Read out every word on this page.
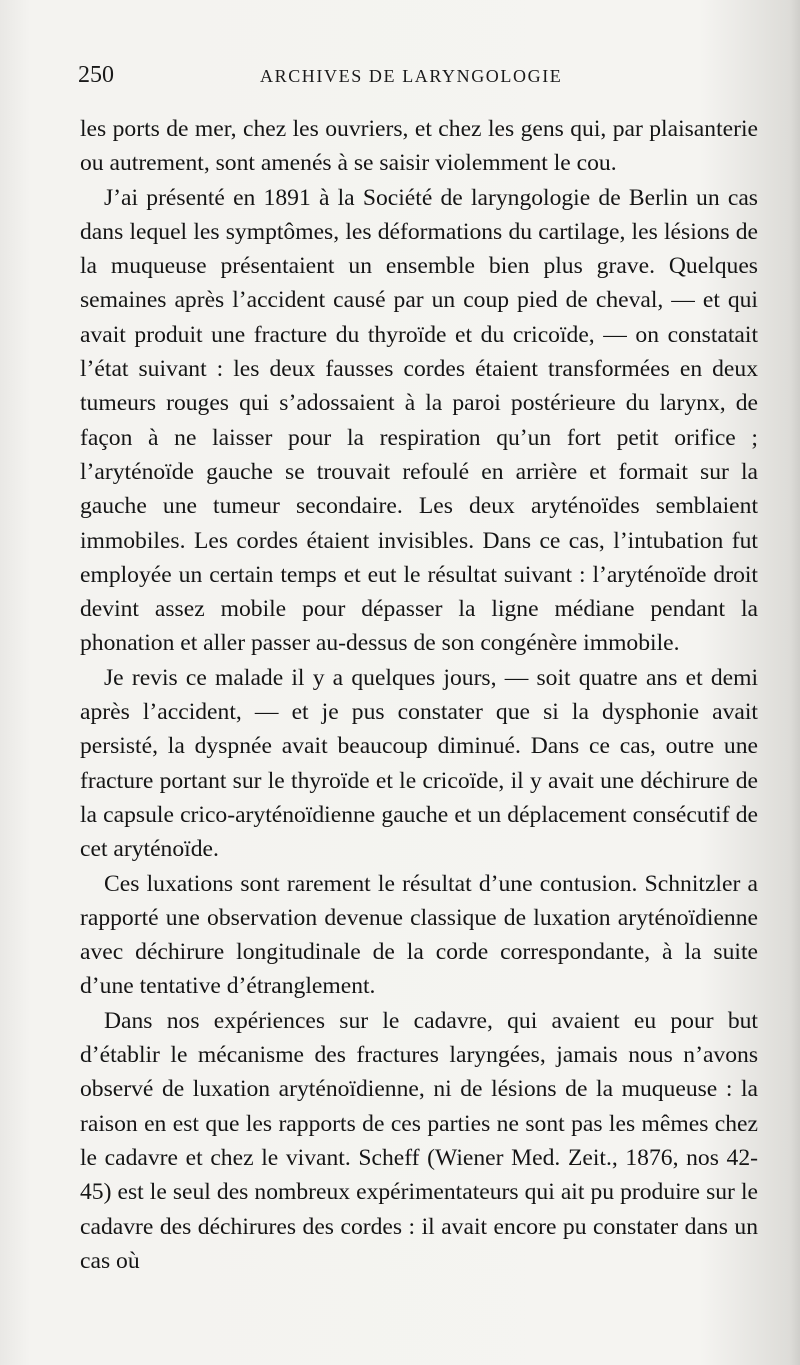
250	ARCHIVES DE LARYNGOLOGIE

les ports de mer, chez les ouvriers, et chez les gens qui, par plaisanterie ou autrement, sont amenés à se saisir violemment le cou.

J’ai présenté en 1891 à la Société de laryngologie de Berlin un cas dans lequel les symptômes, les déformations du cartilage, les lésions de la muqueuse présentaient un ensemble bien plus grave. Quelques semaines après l’accident causé par un coup pied de cheval, — et qui avait produit une fracture du thyroïde et du cricoïde, — on constatait l’état suivant : les deux fausses cordes étaient transformées en deux tumeurs rouges qui s’adossaient à la paroi postérieure du larynx, de façon à ne laisser pour la respiration qu’un fort petit orifice ; l’aryténoïde gauche se trouvait refoulé en arrière et formait sur la gauche une tumeur secondaire. Les deux aryténoïdes semblaient immobiles. Les cordes étaient invisibles. Dans ce cas, l’intubation fut employée un certain temps et eut le résultat suivant : l’aryténoïde droit devint assez mobile pour dépasser la ligne médiane pendant la phonation et aller passer au-dessus de son congénère immobile.

Je revis ce malade il y a quelques jours, — soit quatre ans et demi après l’accident, — et je pus constater que si la dysphonie avait persisté, la dyspnée avait beaucoup diminué. Dans ce cas, outre une fracture portant sur le thyroïde et le cricoïde, il y avait une déchirure de la capsule crico-aryténoïdienne gauche et un déplacement consécutif de cet aryténoïde.

Ces luxations sont rarement le résultat d’une contusion. Schnitzler a rapporté une observation devenue classique de luxation aryténoïdienne avec déchirure longitudinale de la corde correspondante, à la suite d’une tentative d’étranglement.

Dans nos expériences sur le cadavre, qui avaient eu pour but d’établir le mécanisme des fractures laryngées, jamais nous n’avons observé de luxation aryténoïdienne, ni de lésions de la muqueuse : la raison en est que les rapports de ces parties ne sont pas les mêmes chez le cadavre et chez le vivant. Scheff (Wiener Med. Zeit., 1876, nos 42-45) est le seul des nombreux expérimentateurs qui ait pu produire sur le cadavre des déchirures des cordes : il avait encore pu constater dans un cas où
